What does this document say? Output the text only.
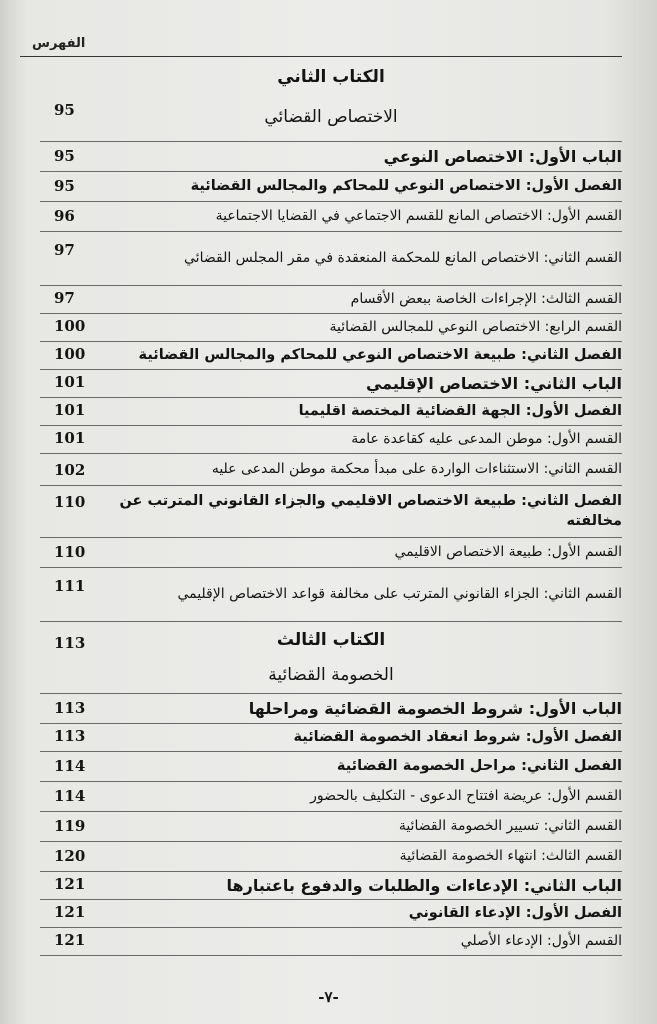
الفهرس
الكتاب الثاني
الاختصاص القضائي
95
الباب الأول: الاختصاص النوعي
95
الفصل الأول: الاختصاص النوعي للمحاكم والمجالس القضائية
95
القسم الأول: الاختصاص المانع للقسم الاجتماعي في القضايا الاجتماعية
96
القسم الثاني: الاختصاص المانع للمحكمة المنعقدة في مقر المجلس القضائي
97
القسم الثالث: الإجراءات الخاصة ببعض الأقسام
97
القسم الرابع: الاختصاص النوعي للمجالس القضائية
100
الفصل الثاني: طبيعة الاختصاص النوعي للمحاكم والمجالس القضائية
100
الباب الثاني: الاختصاص الإقليمي
101
الفصل الأول: الجهة القضائية المختصة اقليميا
101
القسم الأول: موطن المدعى عليه كقاعدة عامة
101
القسم الثاني: الاستثناءات الواردة على مبدأ محكمة موطن المدعى عليه
102
الفصل الثاني: طبيعة الاختصاص الاقليمي والجزاء القانوني المترتب عن مخالفته
110
القسم الأول: طبيعة الاختصاص الاقليمي
110
القسم الثاني: الجزاء القانوني المترتب على مخالفة قواعد الاختصاص الإقليمي
111
الكتاب الثالث
113
الخصومة القضائية
الباب الأول: شروط الخصومة القضائية ومراحلها
113
الفصل الأول: شروط انعقاد الخصومة القضائية
113
الفصل الثاني: مراحل الخصومة القضائية
114
القسم الأول: عريضة افتتاح الدعوى - التكليف بالحضور
114
القسم الثاني: تسيير الخصومة القضائية
119
القسم الثالث: انتهاء الخصومة القضائية
120
الباب الثاني: الإدعاءات والطلبات والدفوع باعتبارها
121
الفصل الأول: الإدعاء القانوني
121
القسم الأول: الإدعاء الأصلي
121
-٧-
